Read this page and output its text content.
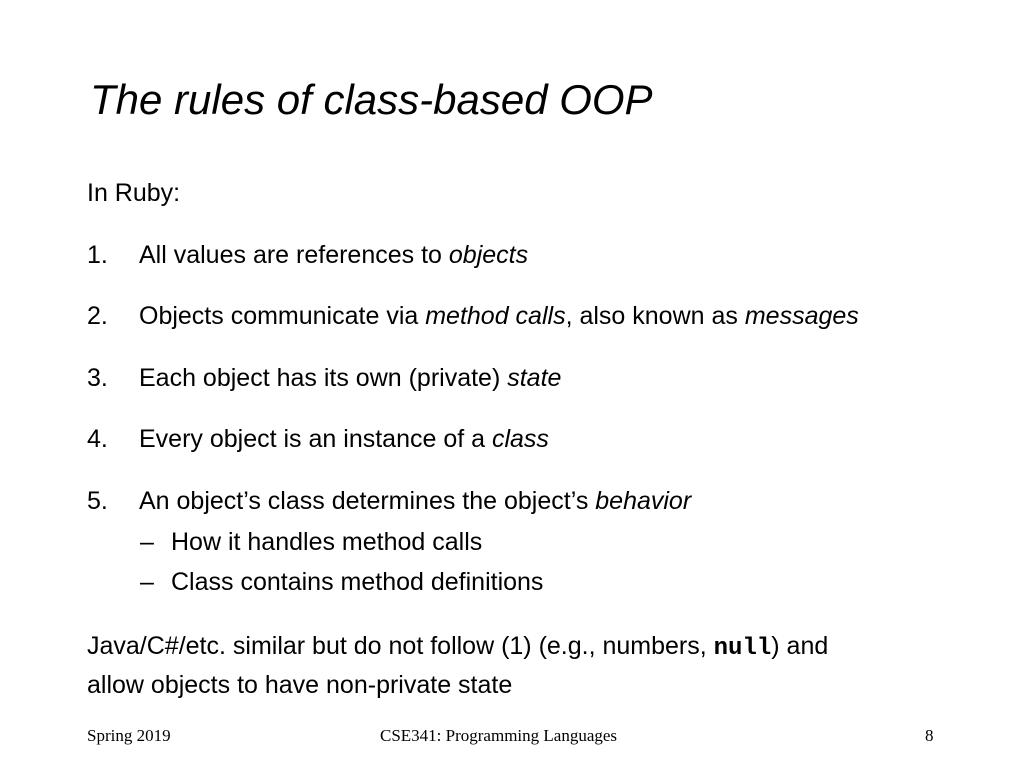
The rules of class-based OOP
In Ruby:
1. All values are references to objects
2. Objects communicate via method calls, also known as messages
3. Each object has its own (private) state
4. Every object is an instance of a class
5. An object’s class determines the object’s behavior
– How it handles method calls
– Class contains method definitions
Java/C#/etc. similar but do not follow (1) (e.g., numbers, null) and
allow objects to have non-private state
Spring 2019	CSE341: Programming Languages	8
